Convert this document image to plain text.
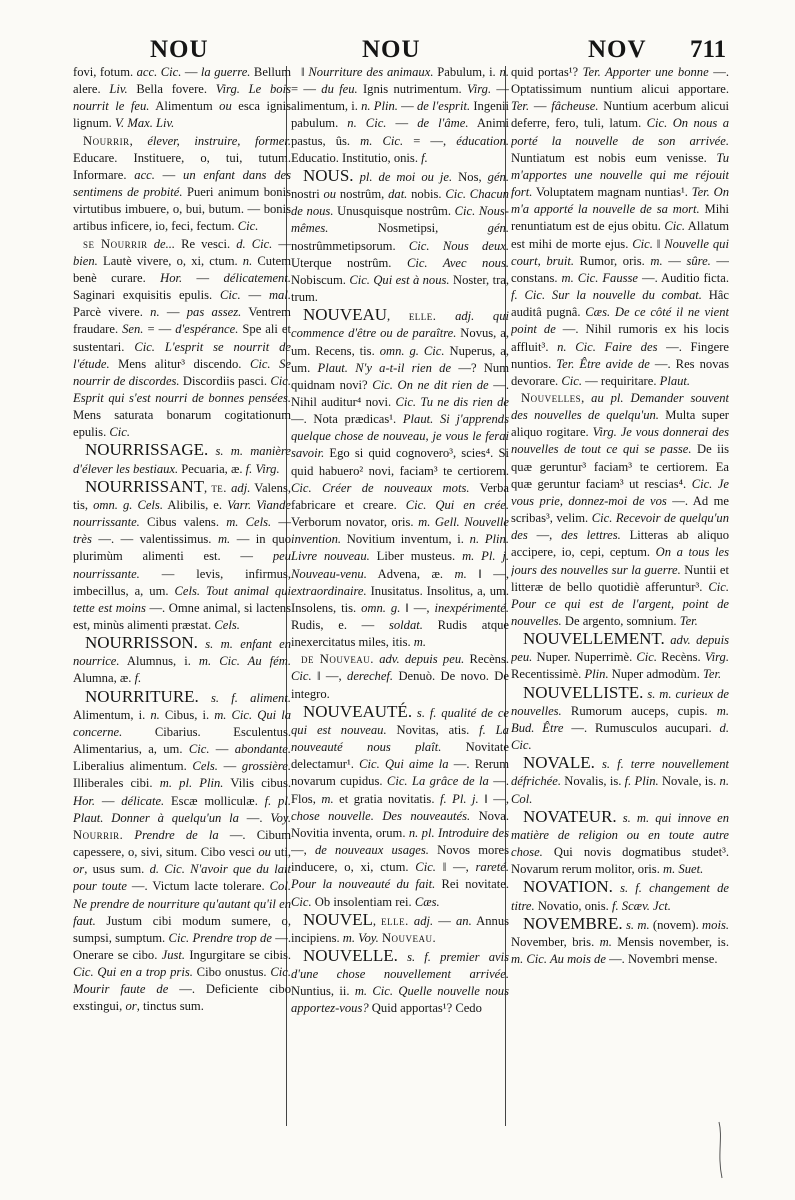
NOU	NOU	NOV 711

fovi, fotum. acc. Cic. — la guerre. Bellum alere. Liv. Bella fovere. Virg. Le bois nourrit le feu. Alimentum ou esca ignis lignum. V. Max. Liv.

Nourrir, élever, instruire, former. Educare. Instituere, o, tui, tutum. Informare. acc. — un enfant dans des sentimens de probité. Pueri animum bonis virtutibus imbuere, o, bui, butum. — bonis artibus inficere, io, feci, fectum. Cic.

se Nourrir de... Re vesci. d. Cic. — bien. Lautè vivere, o, xi, ctum. n. Cutem benè curare. Hor. — délicatement. Saginari exquisitis epulis. Cic. — mal. Parcè vivere. n. — pas assez. Ventrem fraudare. Sen. = — d'espérance. Spe ali et sustentari. Cic. L'esprit se nourrit de l'étude. Mens alitur³ discendo. Cic. Se nourrir de discordes. Discordiis pasci. Cic. Esprit qui s'est nourri de bonnes pensées. Mens saturata bonarum cogitationum epulis. Cic.

NOURRISSAGE. s. m. manière d'élever les bestiaux. Pecuaria, æ. f. Virg.

NOURRISSANT, te. adj. Valens, tis, omn. g. Cels. Alibilis, e. Varr. Viande nourrissante. Cibus valens. m. Cels. — très —. — valentissimus. m. — in quo plurimùm alimenti est. — peu nourrissante. — levis, infirmus, imbecillus, a, um. Cels. Tout animal qui tette est moins —. Omne animal, si lactens est, minùs alimenti præstat. Cels.

NOURRISSON. s. m. enfant en nourrice. Alumnus, i. m. Cic. Au fém. Alumna, æ. f.

NOURRITURE. s. f. aliment. Alimentum, i. n. Cibus, i. m. Cic. Qui la concerne. Cibarius. Esculentus. Alimentarius, a, um. Cic. — abondante. Liberalius alimentum. Cels. — grossière. Illiberales cibi. m. pl. Plin. Vilis cibus. Hor. — délicate. Escæ molliculæ. f. pl. Plaut. Donner à quelqu'un la —. Voy. Nourrir. Prendre de la —. Cibum capessere, o, sivi, situm. Cibo vesci ou uti, or, usus sum. d. Cic. N'avoir que du lait pour toute —. Victum lacte tolerare. Col. Ne prendre de nourriture qu'autant qu'il en faut. Justum cibi modum sumere, o, sumpsi, sumptum. Cic. Prendre trop de —. Onerare se cibo. Just. Ingurgitare se cibis. Cic. Qui en a trop pris. Cibo onustus. Cic. Mourir faute de —. Deficiente cibo exstingui, or, tinctus sum.

‖ Nourriture des animaux. Pabulum, i. n. = — du feu. Ignis nutrimentum. Virg. — alimentum, i. n. Plin. — de l'esprit. Ingenii pabulum. n. Cic. — de l'âme. Animi pastus, ûs. m. Cic. = —, éducation. Educatio. Institutio, onis. f.

NOUS. pl. de moi ou je. Nos, gén. nostri ou nostrûm, dat. nobis. Cic. Chacun de nous. Unusquisque nostrûm. Cic. Nous-mêmes. Nosmetipsi, gén. nostrûmmetipsorum. Cic. Nous deux. Uterque nostrûm. Cic. Avec nous. Nobiscum. Cic. Qui est à nous. Noster, tra, trum.

NOUVEAU, elle. adj. qui commence d'être ou de paraître. Novus, a, um. Recens, tis. omn. g. Cic. Nuperus, a, um. Plaut. N'y a-t-il rien de —? Num quidnam novi? Cic. On ne dit rien de —. Nihil auditur⁴ novi. Cic. Tu ne dis rien de —. Nota prædicas¹. Plaut. Si j'apprends quelque chose de nouveau, je vous le ferai savoir. Ego si quid cognovero³, scies⁴. Si quid habuero² novi, faciam³ te certiorem. Cic. Créer de nouveaux mots. Verba fabricare et creare. Cic. Qui en crée. Verborum novator, oris. m. Gell. Nouvelle invention. Novitium inventum, i. n. Plin. Livre nouveau. Liber musteus. m. Pl. j. Nouveau-venu. Advena, æ. m. ‖ —, extraordinaire. Inusitatus. Insolitus, a, um. Insolens, tis. omn. g. ‖ —, inexpérimenté. Rudis, e. — soldat. Rudis atque inexercitatus miles, itis. m.

de Nouveau. adv. depuis peu. Recèns. Cic. ‖ —, derechef. Denuò. De novo. De integro.

NOUVEAUTÉ. s. f. qualité de ce qui est nouveau. Novitas, atis. f. La nouveauté nous plaît. Novitate delectamur¹. Cic. Qui aime la —. Rerum novarum cupidus. Cic. La grâce de la —. Flos, m. et gratia novitatis. f. Pl. j. ‖ —, chose nouvelle. Des nouveautés. Nova. Novitia inventa, orum. n. pl. Introduire des —, de nouveaux usages. Novos mores inducere, o, xi, ctum. Cic. ‖ —, rareté. Pour la nouveauté du fait. Rei novitate. Cic. Ob insolentiam rei. Cæs.

NOUVEL, elle. adj. — an. Annus incipiens. m. Voy. Nouveau.

NOUVELLE. s. f. premier avis d'une chose nouvellement arrivée. Nuntius, ii. m. Cic. Quelle nouvelle nous apportez-vous? Quid apportas¹? Cedo

quid portas¹? Ter. Apporter une bonne —. Optatissimum nuntium alicui apportare. Ter. — fâcheuse. Nuntium acerbum alicui deferre, fero, tuli, latum. Cic. On nous a porté la nouvelle de son arrivée. Nuntiatum est nobis eum venisse. Tu m'apportes une nouvelle qui me réjouit fort. Voluptatem magnam nuntias¹. Ter. On m'a apporté la nouvelle de sa mort. Mihi renuntiatum est de ejus obitu. Cic. Allatum est mihi de morte ejus. Cic. ‖ Nouvelle qui court, bruit. Rumor, oris. m. — sûre. — constans. m. Cic. Fausse —. Auditio ficta. f. Cic. Sur la nouvelle du combat. Hâc auditâ pugnâ. Cæs. De ce côté il ne vient point de —. Nihil rumoris ex his locis affluit³. n. Cic. Faire des —. Fingere nuntios. Ter. Être avide de —. Res novas devorare. Cic. — requiritare. Plaut.

Nouvelles, au pl. Demander souvent des nouvelles de quelqu'un. Multa super aliquo rogitare. Virg. Je vous donnerai des nouvelles de tout ce qui se passe. De iis quæ geruntur³ faciam³ te certiorem. Ea quæ geruntur faciam³ ut rescias⁴. Cic. Je vous prie, donnez-moi de vos —. Ad me scribas³, velim. Cic. Recevoir de quelqu'un des —, des lettres. Litteras ab aliquo accipere, io, cepi, ceptum. On a tous les jours des nouvelles sur la guerre. Nuntii et litteræ de bello quotidiè afferuntur³. Cic. Pour ce qui est de l'argent, point de nouvelles. De argento, somnium. Ter.

NOUVELLEMENT. adv. depuis peu. Nuper. Nuperrimè. Cic. Recèns. Virg. Recentissimè. Plin. Nuper admodùm. Ter.

NOUVELLISTE. s. m. curieux de nouvelles. Rumorum auceps, cupis. m. Bud. Être —. Rumusculos aucupari. d. Cic.

NOVALE. s. f. terre nouvellement défrichée. Novalis, is. f. Plin. Novale, is. n. Col.

NOVATEUR. s. m. qui innove en matière de religion ou en toute autre chose. Qui novis dogmatibus studet³. Novarum rerum molitor, oris. m. Suet.

NOVATION. s. f. changement de titre. Novatio, onis. f. Scæv. Jct.

NOVEMBRE. s. m. (novem). mois. November, bris. m. Mensis november, is. m. Cic. Au mois de —. Novembri mense.
